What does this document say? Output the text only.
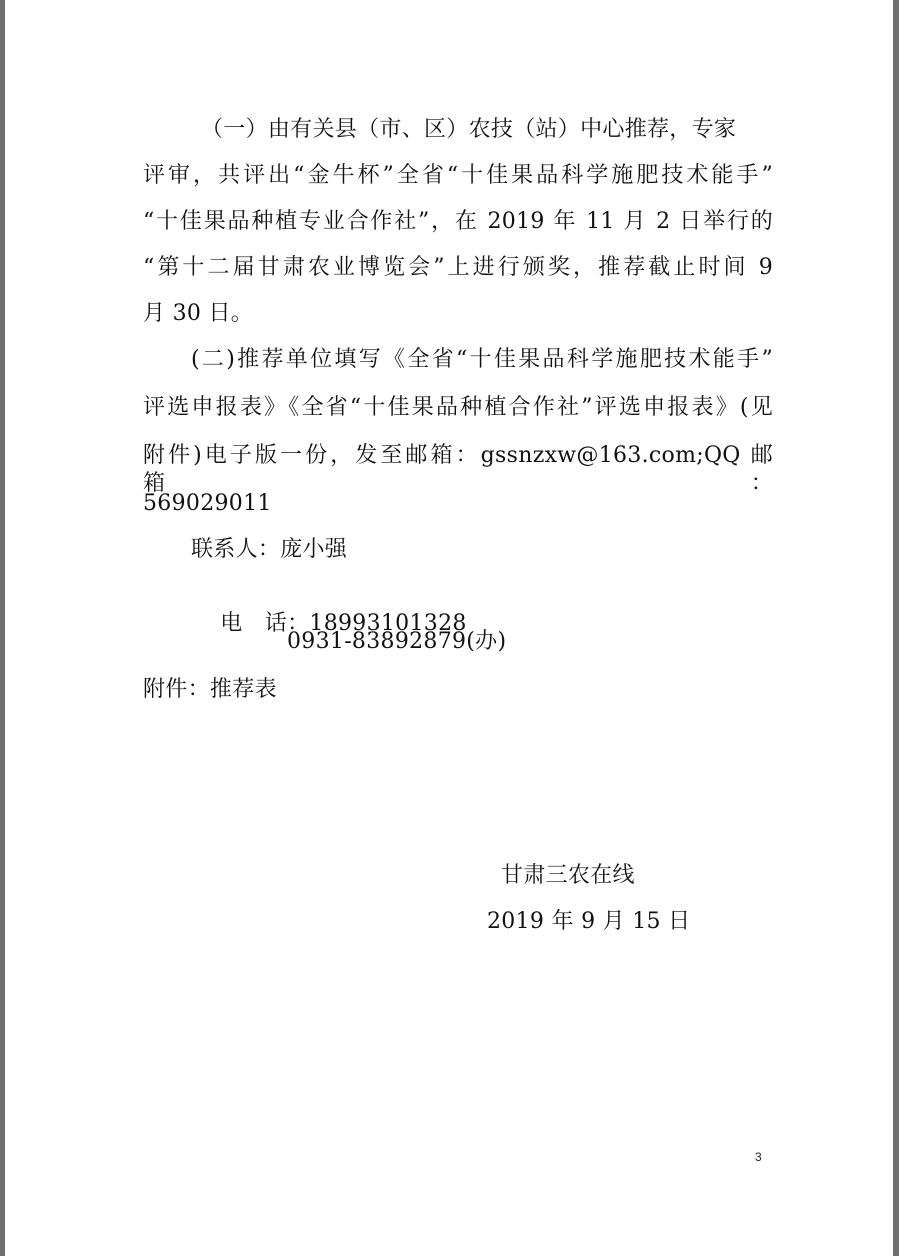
（一）由有关县（市、区）农技（站）中心推荐，专家
评审，共评出“金牛杯”全省“十佳果品科学施肥技术能手”
“十佳果品种植专业合作社”，在 2019 年 11 月 2 日举行的
“第十二届甘肃农业博览会”上进行颁奖，推荐截止时间 9
月 30 日。
(二)推荐单位填写《全省“十佳果品科学施肥技术能手”
评选申报表》《全省“十佳果品种植合作社”评选申报表》(见
附件)电子版一份，发至邮箱：gssnzxw@163.com;QQ 邮箱：
569029011
联系人：庞小强

电　话：18993101328

0931-83892879(办)
附件：推荐表
甘肃三农在线
2019 年 9 月 15 日
3
